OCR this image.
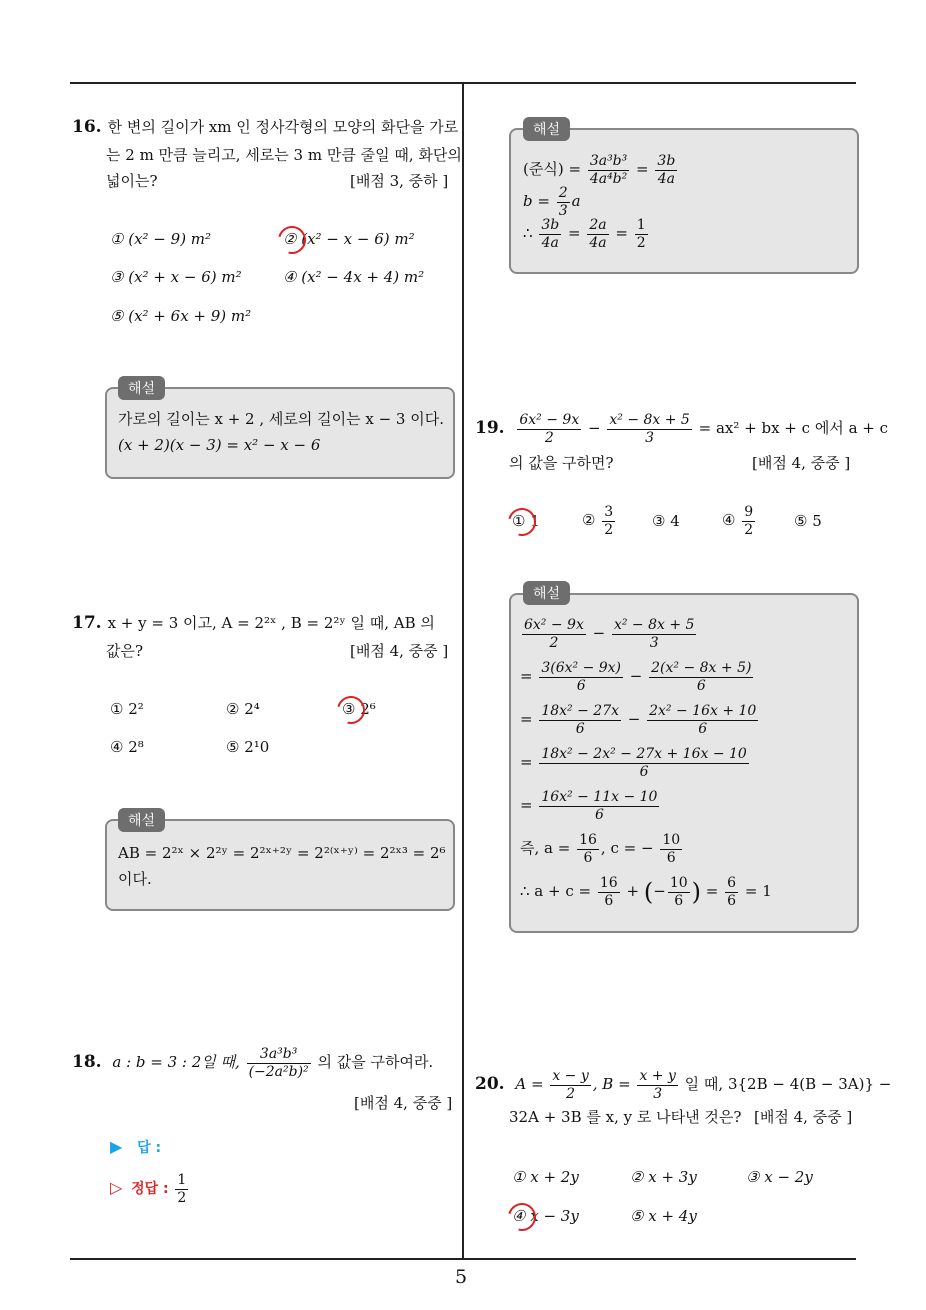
5
16. 한 변의 길이가 xm 인 정사각형의 모양의 화단을 가로
는 2 m 만큼 늘리고, 세로는 3 m 만큼 줄일 때, 화단의
넓이는?	[배점 3, 중하 ]
① (x² − 9) m²	② (x² − x − 6) m²
③ (x² + x − 6) m²	④ (x² − 4x + 4) m²
⑤ (x² + 6x + 9) m²
해설
가로의 길이는 x + 2 , 세로의 길이는 x − 3 이다.
(x + 2)(x − 3) = x² − x − 6
17. x + y = 3 이고, A = 2²ˣ , B = 2²ʸ 일 때, AB 의
값은?	[배점 4, 중중 ]
① 2²	② 2⁴	③ 2⁶
④ 2⁸	⑤ 2¹0
해설
AB = 2²ˣ × 2²ʸ = 2²ˣ⁺²ʸ = 2²⁽ˣ⁺ʸ⁾ = 2²ˣ³ = 2⁶
이다.
18. a : b = 3 : 2일 때, $\frac{\text{3a³b³}}{\text{(−2a²b)²}}$ 의 값을 구하여라.
[배점 4, 중중 ]
▶ 답 :
▷ 정답 : $\frac{1}{2}$
해설
(준식) = $\frac{\text{3a³b³}}{\text{4a⁴b²}} = \frac{3b}{4a}$
$b = \frac{2}{3}$ a
∴ $\frac{3b}{4a} = \frac{2a}{4a} = \frac{1}{2}$
19. $\frac{\text{6x² − 9x}}{2} - \frac{\text{x² − 8x + 5}}{3} = ax^2$ + bx + c 에서 a + c
의 값을 구하면?	[배점 4, 중중 ]
① 1	② $\frac{3}{2}$ ③ 4	④ $\frac{9}{2}$	⑤ 5
해설
$\frac{\text{6x² − 9x}}{2} - \frac{\text{x² − 8x + 5}}{3}$
= $\frac{\text{3(6x² − 9x)}}{6} - \frac{\text{2(x² − 8x + 5)}}{6}$
= $\frac{\text{18x² − 27x}}{6} - \frac{\text{2x² − 16x + 10}}{6}$
= $\frac{\text{18x² − 2x² − 27x + 16x − 10}}{6}$
= $\frac{\text{16x² − 11x − 10}}{6}$
즉, $a = \frac{16}{6}$ , c = − $\frac{10}{6}$
∴ $a + c = \frac{16}{6}$ + (− $\frac{10}{6}$ ) = $\frac{6}{6} = 1$
20. $A = \frac{x - y}{2}$ , $B = \frac{x + y}{3}$ 일 때, 3{2B − 4(B − 3A)} −
32A + 3B 를 x, y 로 나타낸 것은? [배점 4, 중중 ]
① x + 2y	② x + 3y	③ x − 2y
④ x − 3y	⑤ x + 4y
